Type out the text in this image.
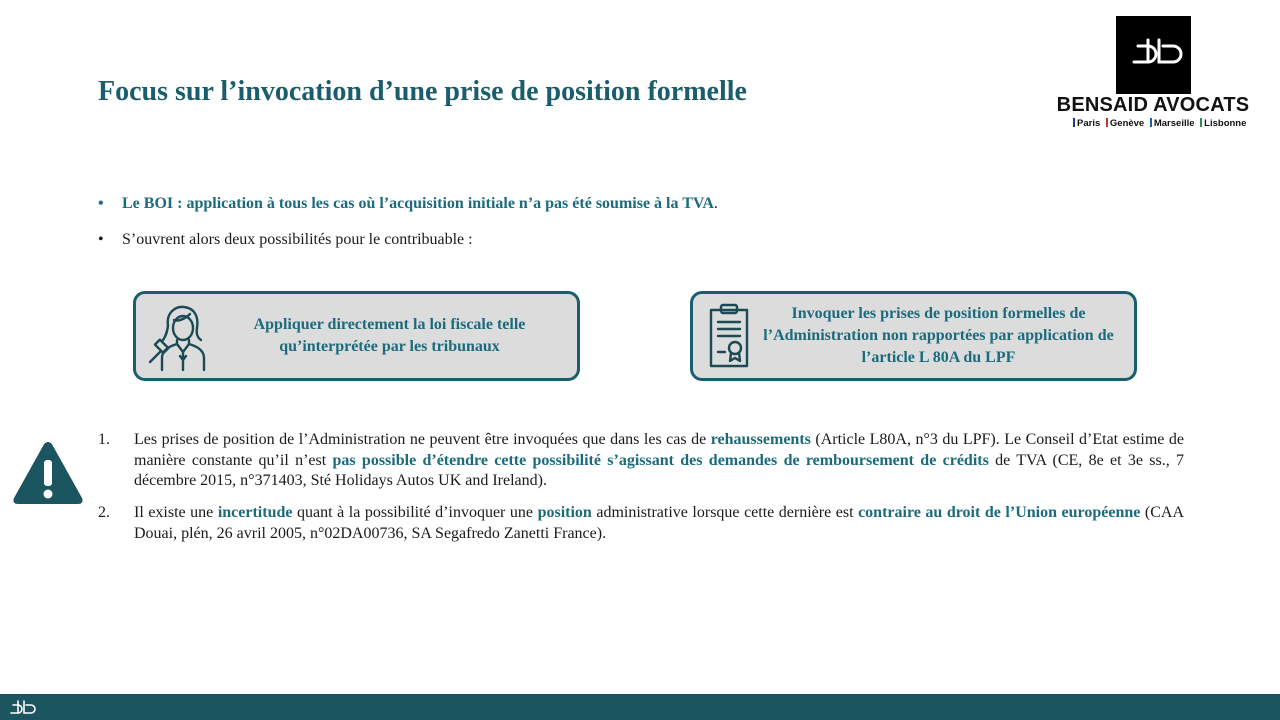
Focus sur l’invocation d’une prise de position formelle	BENSAID AVOCATS
Paris Genève Marseille Lisbonne
• Le BOI : application à tous les cas où l’acquisition initiale n’a pas été soumise à la TVA.
• S’ouvrent alors deux possibilités pour le contribuable :
Appliquer directement la loi fiscale telle qu’interprétée par les tribunaux
Invoquer les prises de position formelles de l’Administration non rapportées par application de l’article L 80A du LPF
1.	Les prises de position de l’Administration ne peuvent être invoquées que dans les cas de rehaussements (Article L80A, n°3 du LPF). Le Conseil d’Etat estime de manière constante qu’il n’est pas possible d’étendre cette possibilité s’agissant des demandes de remboursement de crédits de TVA (CE, 8e et 3e ss., 7 décembre 2015, n°371403, Sté Holidays Autos UK and Ireland).
2.	Il existe une incertitude quant à la possibilité d’invoquer une position administrative lorsque cette dernière est contraire au droit de l’Union européenne (CAA Douai, plén, 26 avril 2005, n°02DA00736, SA Segafredo Zanetti France).
